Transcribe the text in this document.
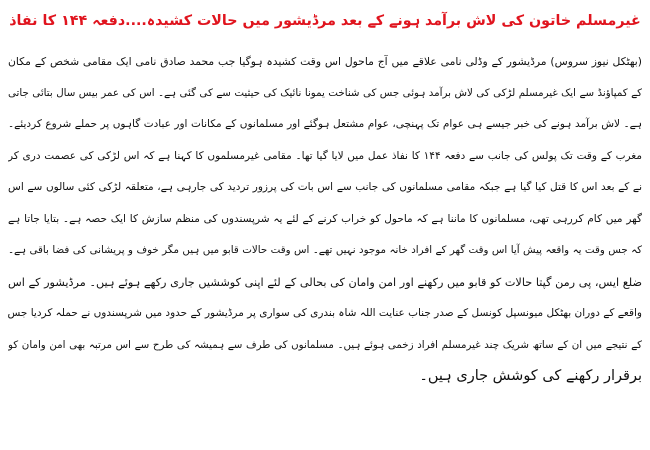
غیرمسلم خاتون کی لاش برآمد ہونے کے بعد مرڈیشور میں حالات کشیدہ....دفعہ ۱۴۴ کا نفاذ
(بھٹکل نیوز سروس) مرڈیشور کے وڈلی نامی علاقے میں آج ماحول اس وقت کشیدہ ہوگیا جب محمد صادق نامی ایک مقامی شخص کے مکان
کے کمپاؤنڈ سے ایک غیرمسلم لڑکی کی لاش برآمد ہوئی جس کی شناخت یمونا نائیک کی حیثیت سے کی گئی ہے۔ اس کی عمر بیس سال بتائی جاتی
ہے۔ لاش برآمد ہونے کی خبر جیسے ہی عوام تک پہنچی، عوام مشتعل ہوگئے اور مسلمانوں کے مکانات اور عبادت گاہوں پر حملے شروع کردیئے۔
مغرب کے وقت تک پولس کی جانب سے دفعہ ۱۴۴ کا نفاذ عمل میں لایا گیا تھا۔ مقامی غیرمسلموں کا کہنا ہے کہ اس لڑکی کی عصمت دری کر
نے کے بعد اس کا قتل کیا گیا ہے جبکہ مقامی مسلمانوں کی جانب سے اس بات کی پرزور تردید کی جارہی ہے، متعلقہ لڑکی کئی سالوں سے اس
گھر میں کام کررہی تھی، مسلمانوں کا ماننا ہے کہ ماحول کو خراب کرنے کے لئے یہ شرپسندوں کی منظم سازش کا ایک حصہ ہے۔ بتایا جاتا ہے
کہ جس وقت یہ واقعہ پیش آیا اس وقت گھر کے افراد خانہ موجود نہیں تھے۔ اس وقت حالات قابو میں ہیں مگر خوف و پریشانی کی فضا باقی ہے۔
ضلع ایس، پی رمن گپتا حالات کو قابو میں رکھنے اور امن وامان کی بحالی کے لئے اپنی کوششیں جاری رکھے ہوئے ہیں۔ مرڈیشور کے اس
واقعے کے دوران بھٹکل میونسپل کونسل کے صدر جناب عنایت اللہ شاہ بندری کی سواری پر مرڈیشور کے حدود میں شرپسندوں نے حملہ کردیا جس
کے نتیجے میں ان کے ساتھ شریک چند غیرمسلم افراد زخمی ہوئے ہیں۔ مسلمانوں کی طرف سے ہمیشہ کی طرح سے اس مرتبہ بھی امن وامان کو
برقرار رکھنے کی کوشش جاری ہیں۔
